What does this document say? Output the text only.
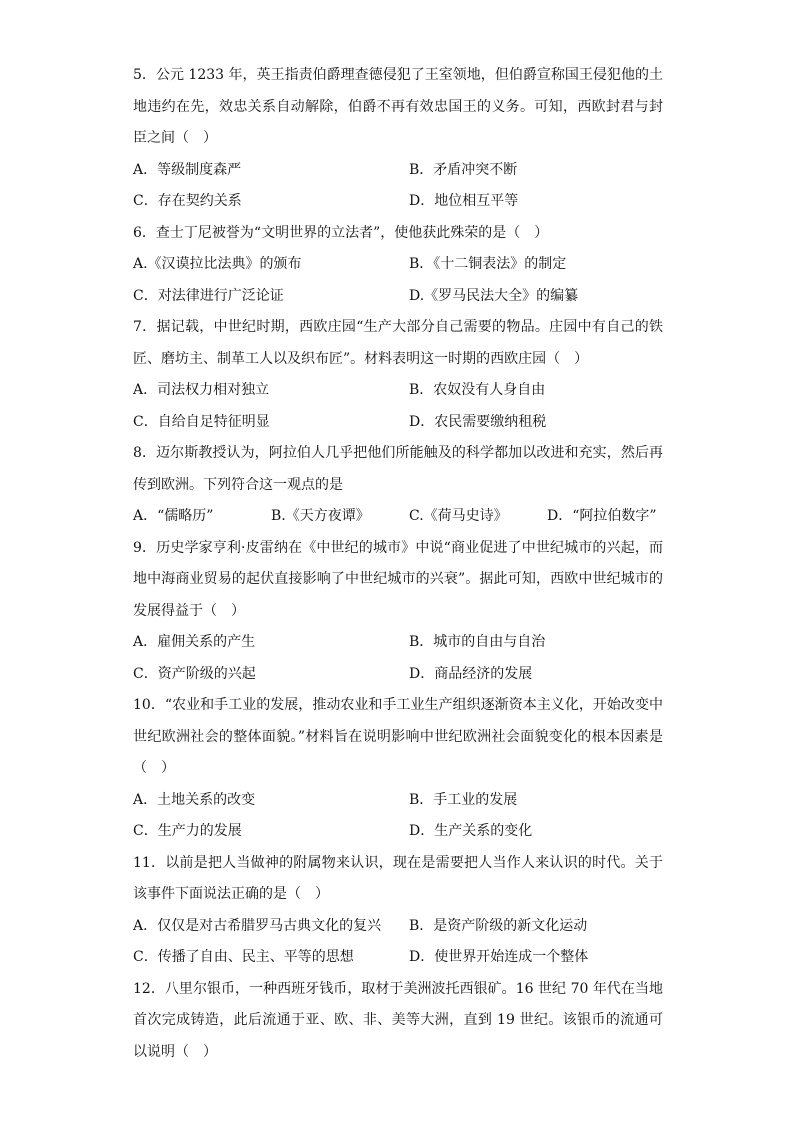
5．公元 1233 年，英王指责伯爵理查德侵犯了王室领地，但伯爵宣称国王侵犯他的土地违约在先，效忠关系自动解除，伯爵不再有效忠国王的义务。可知，西欧封君与封臣之间（　）

A．等级制度森严	B．矛盾冲突不断
C．存在契约关系	D．地位相互平等

6．查士丁尼被誉为“文明世界的立法者”，使他获此殊荣的是（　）

A.《汉谟拉比法典》的颁布	B．《十二铜表法》的制定
C．对法律进行广泛论证	D.《罗马民法大全》的编纂

7．据记载，中世纪时期，西欧庄园“生产大部分自己需要的物品。庄园中有自己的铁匠、磨坊主、制革工人以及织布匠”。材料表明这一时期的西欧庄园（　）

A．司法权力相对独立	B．农奴没有人身自由
C．自给自足特征明显	D．农民需要缴纳租税

8．迈尔斯教授认为，阿拉伯人几乎把他们所能触及的科学都加以改进和充实，然后再传到欧洲。下列符合这一观点的是

A．“儒略历”	B.《天方夜谭》	C.《荷马史诗》	D．“阿拉伯数字”

9．历史学家亨利·皮雷纳在《中世纪的城市》中说“商业促进了中世纪城市的兴起，而地中海商业贸易的起伏直接影响了中世纪城市的兴衰”。据此可知，西欧中世纪城市的发展得益于（　）

A．雇佣关系的产生	B．城市的自由与自治
C．资产阶级的兴起	D．商品经济的发展

10．“农业和手工业的发展，推动农业和手工业生产组织逐渐资本主义化，开始改变中世纪欧洲社会的整体面貌。”材料旨在说明影响中世纪欧洲社会面貌变化的根本因素是（　）

A．土地关系的改变	B．手工业的发展
C．生产力的发展	D．生产关系的变化

11．以前是把人当做神的附属物来认识，现在是需要把人当作人来认识的时代。关于该事件下面说法正确的是（　）

A．仅仅是对古希腊罗马古典文化的复兴 B．是资产阶级的新文化运动
C．传播了自由、民主、平等的思想	D．使世界开始连成一个整体

12．八里尔银币，一种西班牙钱币，取材于美洲波托西银矿。16 世纪 70 年代在当地首次完成铸造，此后流通于亚、欧、非、美等大洲，直到 19 世纪。该银币的流通可以说明（　）
